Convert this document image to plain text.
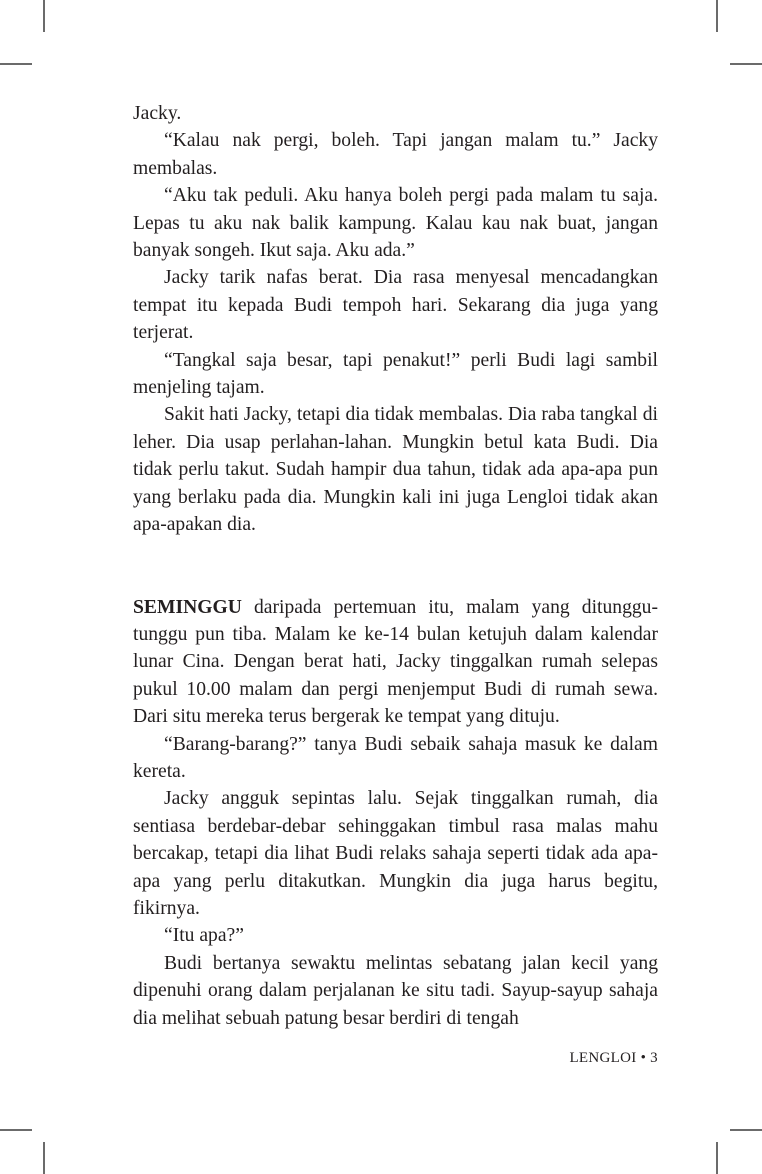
Jacky.

“Kalau nak pergi, boleh. Tapi jangan malam tu.” Jacky membalas.

“Aku tak peduli. Aku hanya boleh pergi pada malam tu saja. Lepas tu aku nak balik kampung. Kalau kau nak buat, jangan banyak songeh. Ikut saja. Aku ada.”

Jacky tarik nafas berat. Dia rasa menyesal mencadangkan tempat itu kepada Budi tempoh hari. Sekarang dia juga yang terjerat.

“Tangkal saja besar, tapi penakut!” perli Budi lagi sambil menjeling tajam.

Sakit hati Jacky, tetapi dia tidak membalas. Dia raba tangkal di leher. Dia usap perlahan-lahan. Mungkin betul kata Budi. Dia tidak perlu takut. Sudah hampir dua tahun, tidak ada apa-apa pun yang berlaku pada dia. Mungkin kali ini juga Lengloi tidak akan apa-apakan dia.

SEMINGGU daripada pertemuan itu, malam yang ditunggu-tunggu pun tiba. Malam ke ke-14 bulan ketujuh dalam kalendar lunar Cina. Dengan berat hati, Jacky tinggalkan rumah selepas pukul 10.00 malam dan pergi menjemput Budi di rumah sewa. Dari situ mereka terus bergerak ke tempat yang dituju.

“Barang-barang?” tanya Budi sebaik sahaja masuk ke dalam kereta.

Jacky angguk sepintas lalu. Sejak tinggalkan rumah, dia sentiasa berdebar-debar sehinggakan timbul rasa malas mahu bercakap, tetapi dia lihat Budi relaks sahaja seperti tidak ada apa-apa yang perlu ditakutkan. Mungkin dia juga harus begitu, fikirnya.

“Itu apa?”

Budi bertanya sewaktu melintas sebatang jalan kecil yang dipenuhi orang dalam perjalanan ke situ tadi. Sayup-sayup sahaja dia melihat sebuah patung besar berdiri di tengah

LENGLOI • 3
